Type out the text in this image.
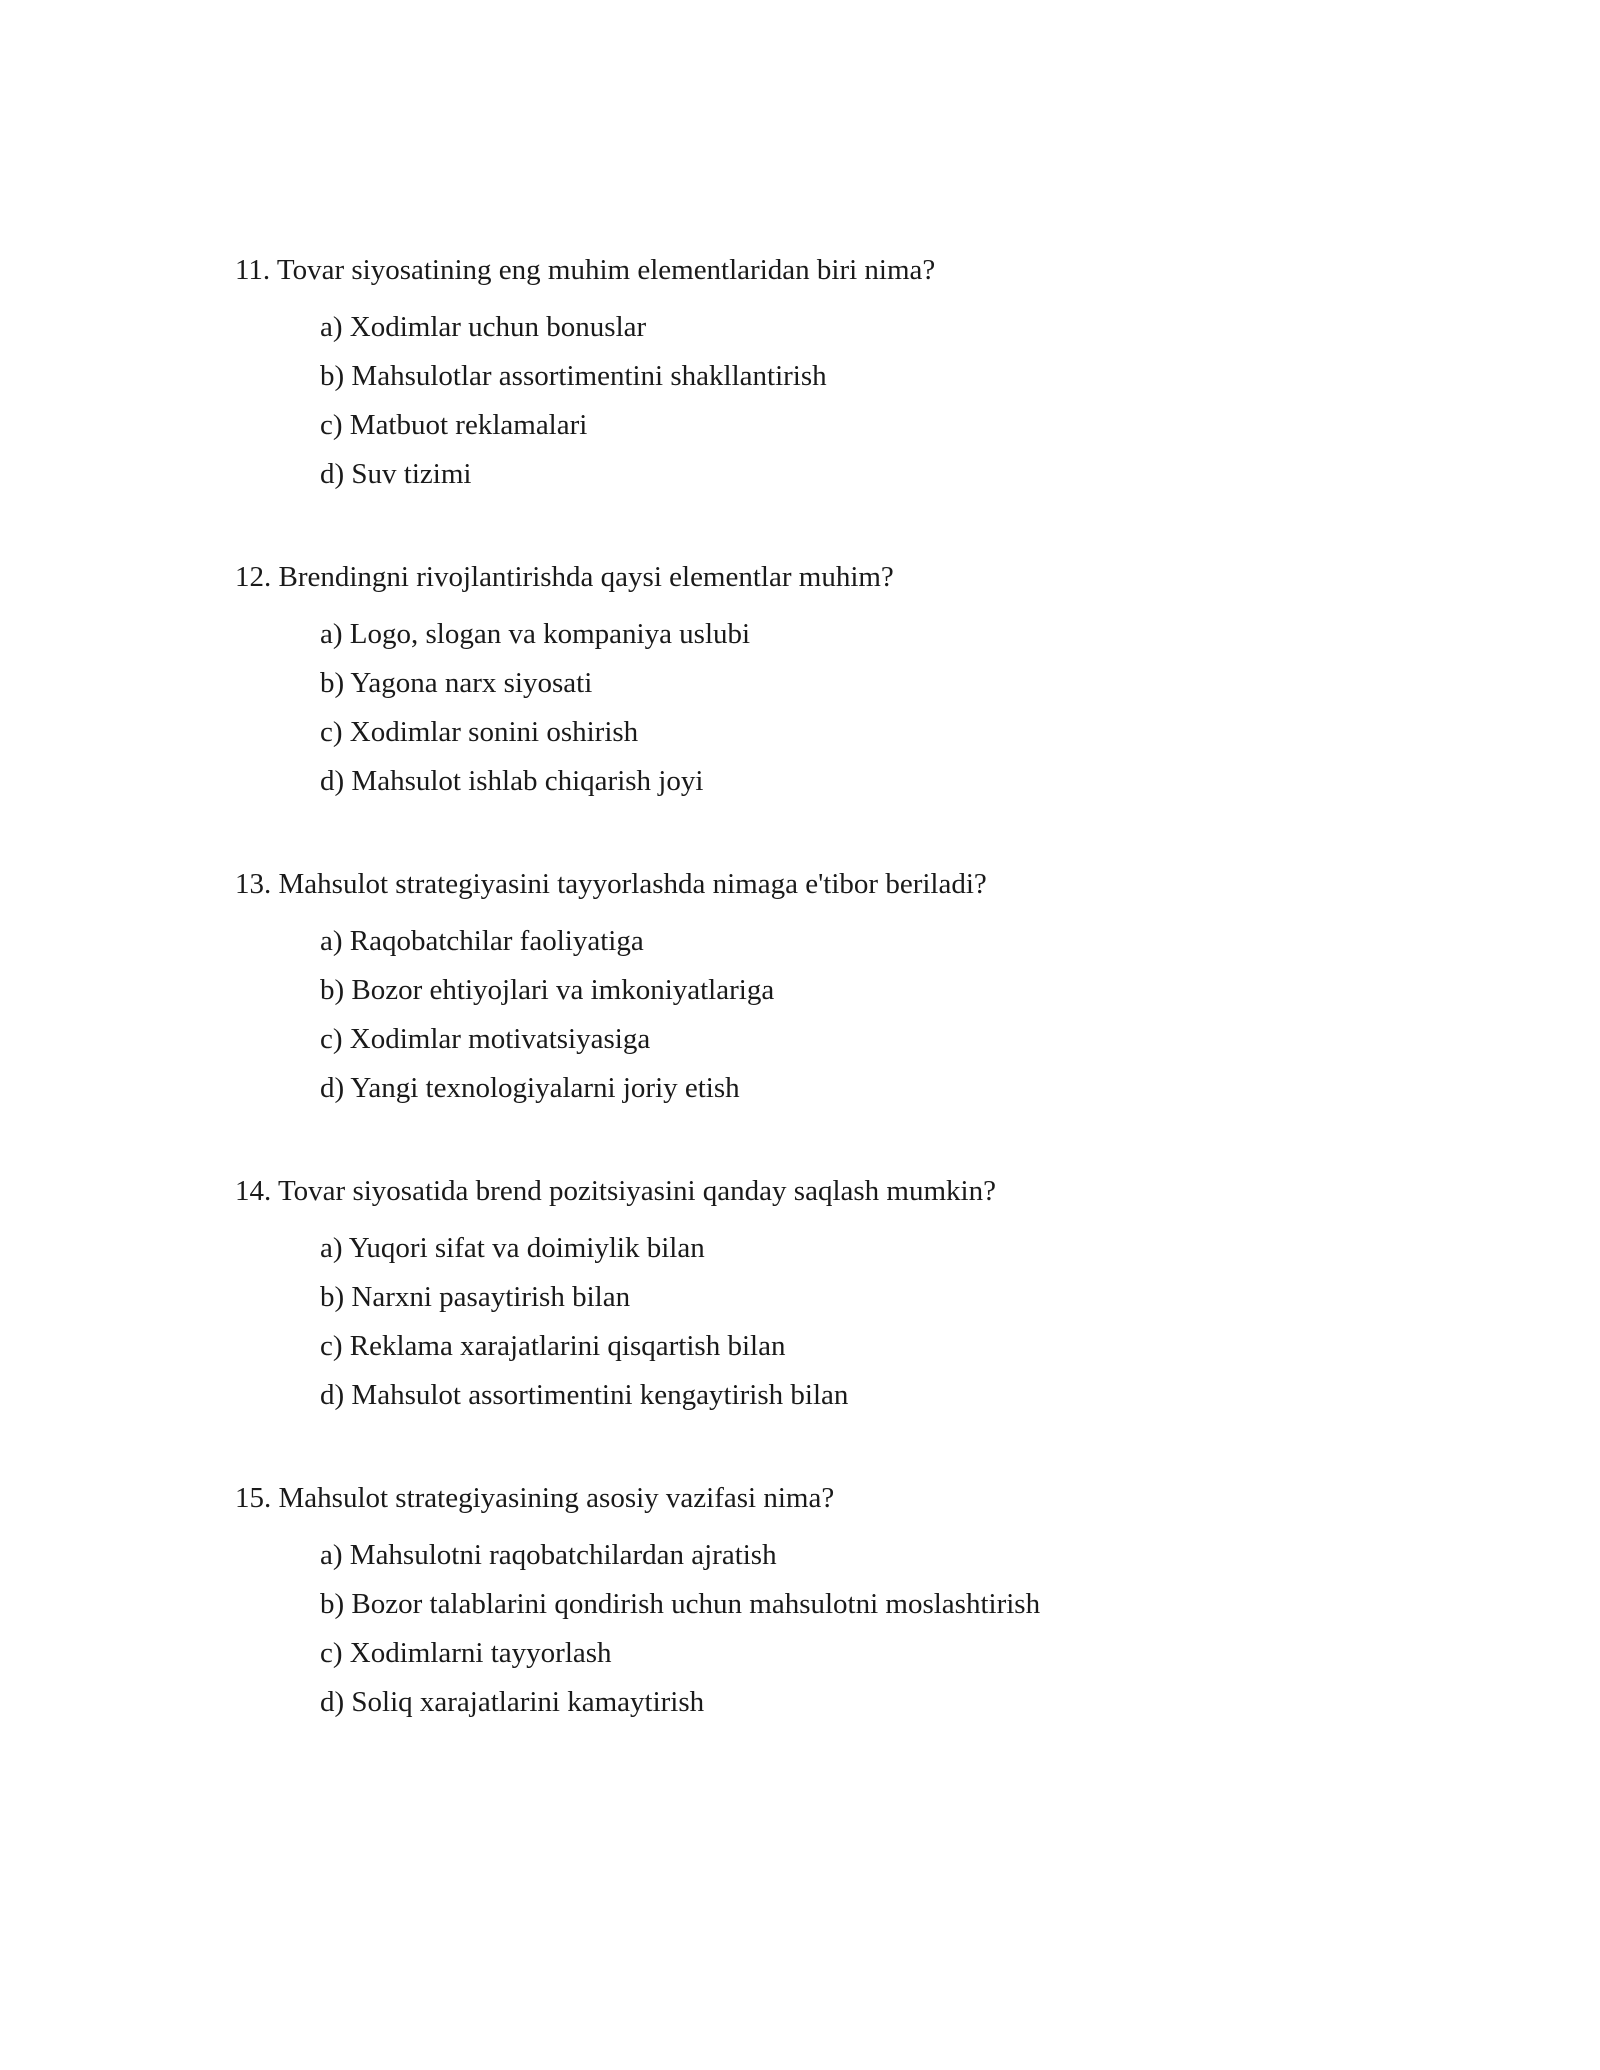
11. Tovar siyosatining eng muhim elementlaridan biri nima?
a) Xodimlar uchun bonuslar
b) Mahsulotlar assortimentini shakllantirish
c) Matbuot reklamalari
d) Suv tizimi
12. Brendingni rivojlantirishda qaysi elementlar muhim?
a) Logo, slogan va kompaniya uslubi
b) Yagona narx siyosati
c) Xodimlar sonini oshirish
d) Mahsulot ishlab chiqarish joyi
13. Mahsulot strategiyasini tayyorlashda nimaga e'tibor beriladi?
a) Raqobatchilar faoliyatiga
b) Bozor ehtiyojlari va imkoniyatlariga
c) Xodimlar motivatsiyasiga
d) Yangi texnologiyalarni joriy etish
14. Tovar siyosatida brend pozitsiyasini qanday saqlash mumkin?
a) Yuqori sifat va doimiylik bilan
b) Narxni pasaytirish bilan
c) Reklama xarajatlarini qisqartish bilan
d) Mahsulot assortimentini kengaytirish bilan
15. Mahsulot strategiyasining asosiy vazifasi nima?
a) Mahsulotni raqobatchilardan ajratish
b) Bozor talablarini qondirish uchun mahsulotni moslashtirish
c) Xodimlarni tayyorlash
d) Soliq xarajatlarini kamaytirish
